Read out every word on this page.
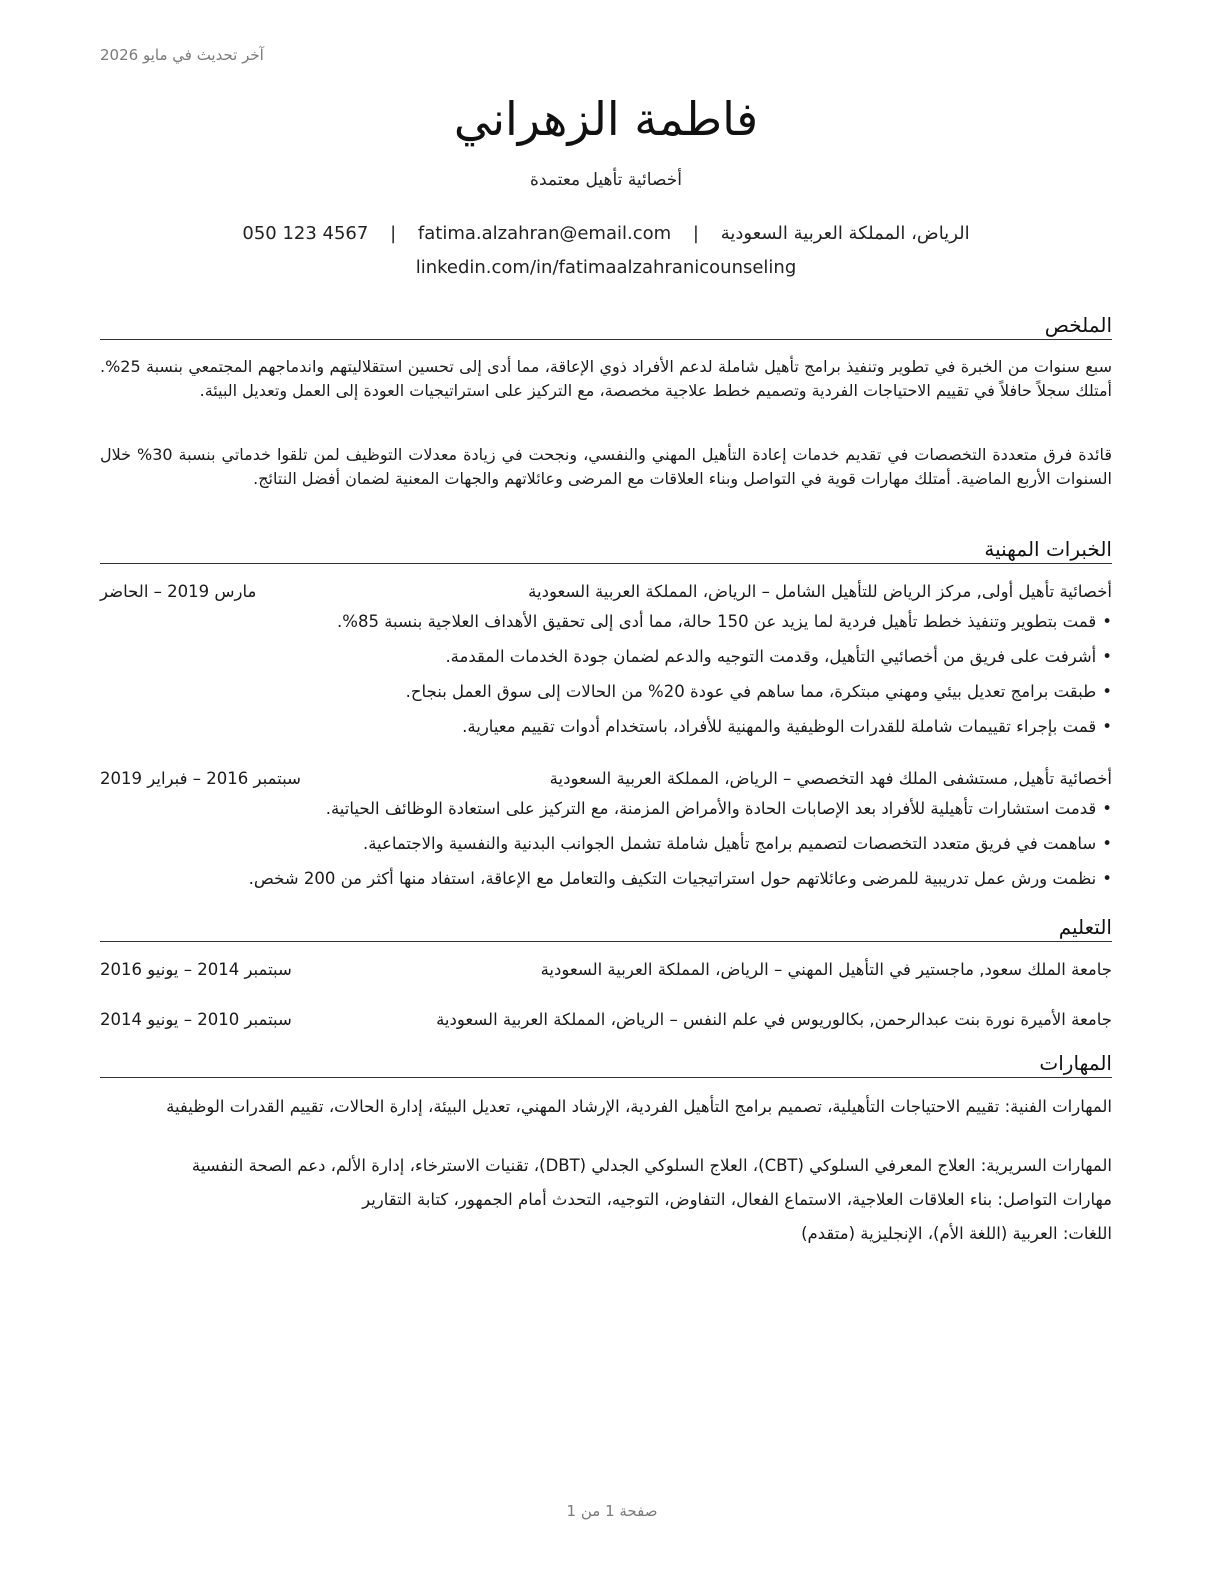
آخر تحديث في مايو 2026
فاطمة الزهراني
أخصائية تأهيل معتمدة
الرياض، المملكة العربية السعودية | fatima.alzahran@email.com | 050 123 4567
linkedin.com/in/fatimaalzahranicounseling
الملخص
سبع سنوات من الخبرة في تطوير وتنفيذ برامج تأهيل شاملة لدعم الأفراد ذوي الإعاقة، مما أدى إلى تحسين استقلاليتهم واندماجهم المجتمعي بنسبة 25%. أمتلك سجلاً حافلاً في تقييم الاحتياجات الفردية وتصميم خطط علاجية مخصصة، مع التركيز على استراتيجيات العودة إلى العمل وتعديل البيئة.
قائدة فرق متعددة التخصصات في تقديم خدمات إعادة التأهيل المهني والنفسي، ونجحت في زيادة معدلات التوظيف لمن تلقوا خدماتي بنسبة 30% خلال السنوات الأربع الماضية. أمتلك مهارات قوية في التواصل وبناء العلاقات مع المرضى وعائلاتهم والجهات المعنية لضمان أفضل النتائج.
الخبرات المهنية
أخصائية تأهيل أولى, مركز الرياض للتأهيل الشامل – الرياض، المملكة العربية السعودية
مارس 2019 – الحاضر
•قمت بتطوير وتنفيذ خطط تأهيل فردية لما يزيد عن 150 حالة، مما أدى إلى تحقيق الأهداف العلاجية بنسبة 85%.
•أشرفت على فريق من أخصائيي التأهيل، وقدمت التوجيه والدعم لضمان جودة الخدمات المقدمة.
•طبقت برامج تعديل بيئي ومهني مبتكرة، مما ساهم في عودة 20% من الحالات إلى سوق العمل بنجاح.
•قمت بإجراء تقييمات شاملة للقدرات الوظيفية والمهنية للأفراد، باستخدام أدوات تقييم معيارية.
أخصائية تأهيل, مستشفى الملك فهد التخصصي – الرياض، المملكة العربية السعودية
سبتمبر 2016 – فبراير 2019
•قدمت استشارات تأهيلية للأفراد بعد الإصابات الحادة والأمراض المزمنة، مع التركيز على استعادة الوظائف الحياتية.
•ساهمت في فريق متعدد التخصصات لتصميم برامج تأهيل شاملة تشمل الجوانب البدنية والنفسية والاجتماعية.
•نظمت ورش عمل تدريبية للمرضى وعائلاتهم حول استراتيجيات التكيف والتعامل مع الإعاقة، استفاد منها أكثر من 200 شخص.
التعليم
جامعة الملك سعود, ماجستير في التأهيل المهني – الرياض، المملكة العربية السعودية
سبتمبر 2014 – يونيو 2016
جامعة الأميرة نورة بنت عبدالرحمن, بكالوريوس في علم النفس – الرياض، المملكة العربية السعودية
سبتمبر 2010 – يونيو 2014
المهارات
المهارات الفنية: تقييم الاحتياجات التأهيلية، تصميم برامج التأهيل الفردية، الإرشاد المهني، تعديل البيئة، إدارة الحالات، تقييم القدرات الوظيفية
المهارات السريرية: العلاج المعرفي السلوكي (CBT)، العلاج السلوكي الجدلي (DBT)، تقنيات الاسترخاء، إدارة الألم، دعم الصحة النفسية
مهارات التواصل: بناء العلاقات العلاجية، الاستماع الفعال، التفاوض، التوجيه، التحدث أمام الجمهور، كتابة التقارير
اللغات: العربية (اللغة الأم)، الإنجليزية (متقدم)
صفحة 1 من 1
